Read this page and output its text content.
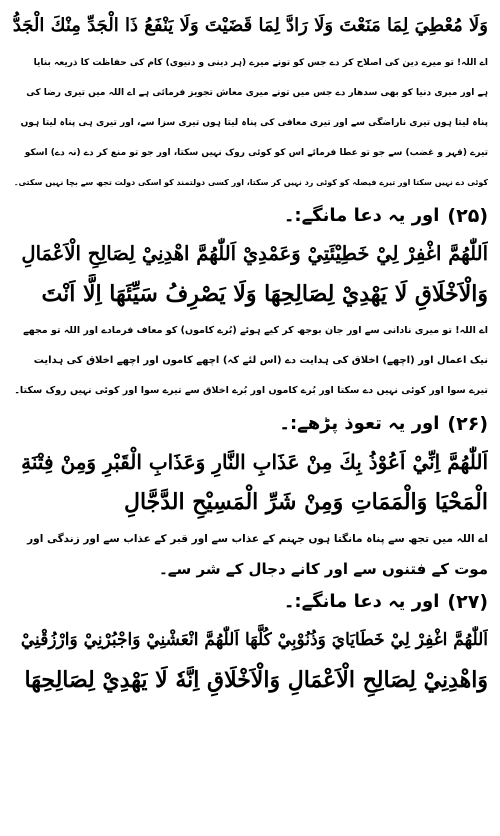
وَلَا مُعْطِيَ لِمَا مَنَعْتَ وَلَا رَادَّ لِمَا قَضَيْتَ وَلَا يَنْفَعُ ذَا الْجَدِّ مِنْكَ الْجَدُّ
اے اللہ! تو میرے دین کی اصلاح کر دے جس کو تونے میرے (ہر دینی و دنیوی) کام کی حفاظت کا ذریعہ بنایا
ہے اور میری دنیا کو بھی سدھار دے جس میں تونے میری معاش تجویز فرمائی ہے اے اللہ میں تیری رضا کی
پناہ لیتا ہوں تیری ناراضگی سے اور تیری معافی کی پناہ لیتا ہوں تیری سزا سے، اور تیری ہی پناہ لیتا ہوں
تیرے (قہر و غضب) سے جو تو عطا فرمائے اس کو کوئی روک نہیں سکتا، اور جو تو منع کر دے (نہ دے) اسکو
کوئی دے نہیں سکتا اور تیرے فیصلہ کو کوئی رد نہیں کر سکتا، اور کسی دولتمند کو اسکی دولت تجھ سے بچا نہیں سکتی۔
(۲۵)
اور یہ دعا مانگے:۔
اَللّٰهُمَّ اغْفِرْ لِيْ خَطِيْئَتِيْ وَعَمْدِيْ اَللّٰهُمَّ اهْدِنِيْ لِصَالِحِ الْاَعْمَالِ
وَالْاَخْلَاقِ لَا يَهْدِيْ لِصَالِحِهَا وَلَا يَصْرِفُ سَيِّئَهَا اِلَّا اَنْتَ
اے اللہ! تو میری نادانی سے اور جان بوجھ کر کیے ہوئے (بُرے کاموں) کو معاف فرمادے اور اللہ تو مجھے
نیک اعمال اور (اچھے) اخلاق کی ہدایت دے (اس لئے کہ) اچھے کاموں اور اچھے اخلاق کی ہدایت
تیرے سوا اور کوئی نہیں دے سکتا اور بُرے کاموں اور بُرے اخلاق سے تیرے سوا اور کوئی نہیں روک سکتا۔
(۲۶)
اور یہ تعوذ پڑھے:۔
اَللّٰهُمَّ اِنِّيْ اَعُوْذُ بِكَ مِنْ عَذَابِ النَّارِ وَعَذَابِ الْقَبْرِ وَمِنْ فِتْنَةِ
الْمَحْيَا وَالْمَمَاتِ وَمِنْ شَرِّ الْمَسِيْحِ الدَّجَّالِ
اے اللہ میں تجھ سے پناہ مانگتا ہوں جہنم کے عذاب سے اور قبر کے عذاب سے اور زندگی اور
موت کے فتنوں سے اور کانے دجال کے شر سے۔
(۲۷)
اور یہ دعا مانگے:۔
اَللّٰهُمَّ اغْفِرْ لِيْ خَطَايَايَ وَذُنُوْبِيْ كُلَّهَا اَللّٰهُمَّ انْعَشْنِيْ وَاجْبُرْنِيْ وَارْزُقْنِيْ
وَاهْدِنِيْ لِصَالِحِ الْاَعْمَالِ وَالْاَخْلَاقِ اِنَّهٗ لَا يَهْدِيْ لِصَالِحِهَا
